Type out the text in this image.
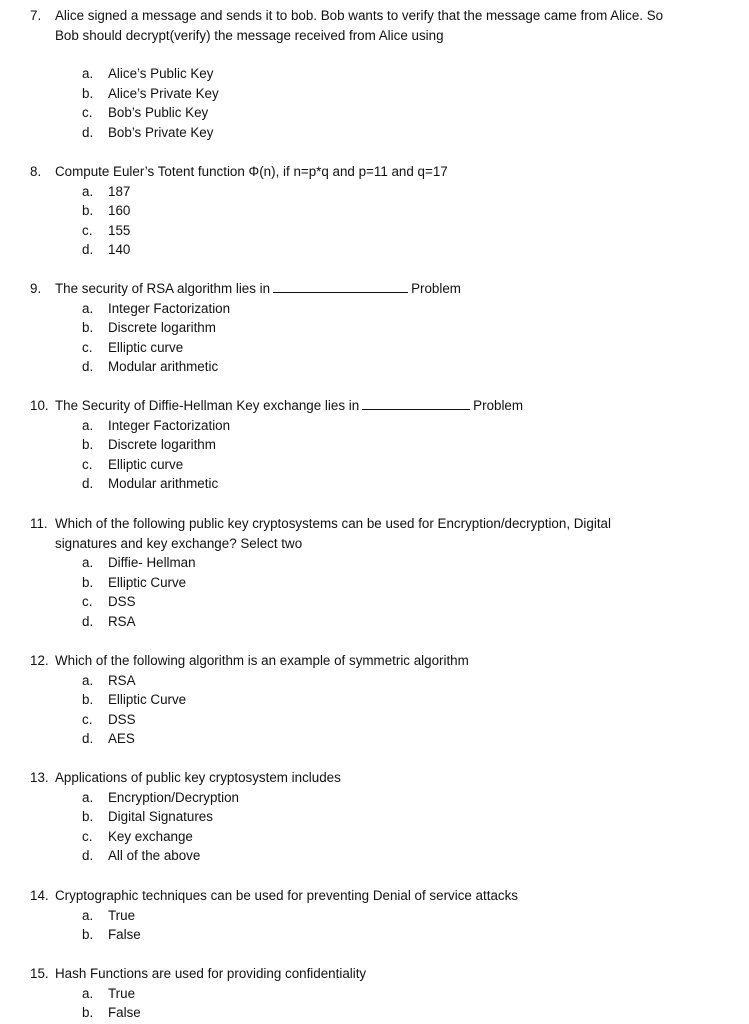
7. Alice signed a message and sends it to bob. Bob wants to verify that the message came from Alice. So
Bob should decrypt(verify) the message received from Alice using
a. Alice’s Public Key
b. Alice’s Private Key
c. Bob’s Public Key
d. Bob’s Private Key
8. Compute Euler’s Totent function Φ(n), if n=p*q and p=11 and q=17
a. 187
b. 160
c. 155
d. 140
9. The security of RSA algorithm lies in	Problem
a. Integer Factorization
b. Discrete logarithm
c. Elliptic curve
d. Modular arithmetic
10. The Security of Diffie-Hellman Key exchange lies in	Problem
a. Integer Factorization
b. Discrete logarithm
c. Elliptic curve
d. Modular arithmetic
11. Which of the following public key cryptosystems can be used for Encryption/decryption, Digital
signatures and key exchange? Select two
a. Diffie- Hellman
b. Elliptic Curve
c. DSS
d. RSA
12. Which of the following algorithm is an example of symmetric algorithm
a. RSA
b. Elliptic Curve
c. DSS
d. AES
13. Applications of public key cryptosystem includes
a. Encryption/Decryption
b. Digital Signatures
c. Key exchange
d. All of the above
14. Cryptographic techniques can be used for preventing Denial of service attacks
a. True
b. False
15. Hash Functions are used for providing confidentiality
a. True
b. False
